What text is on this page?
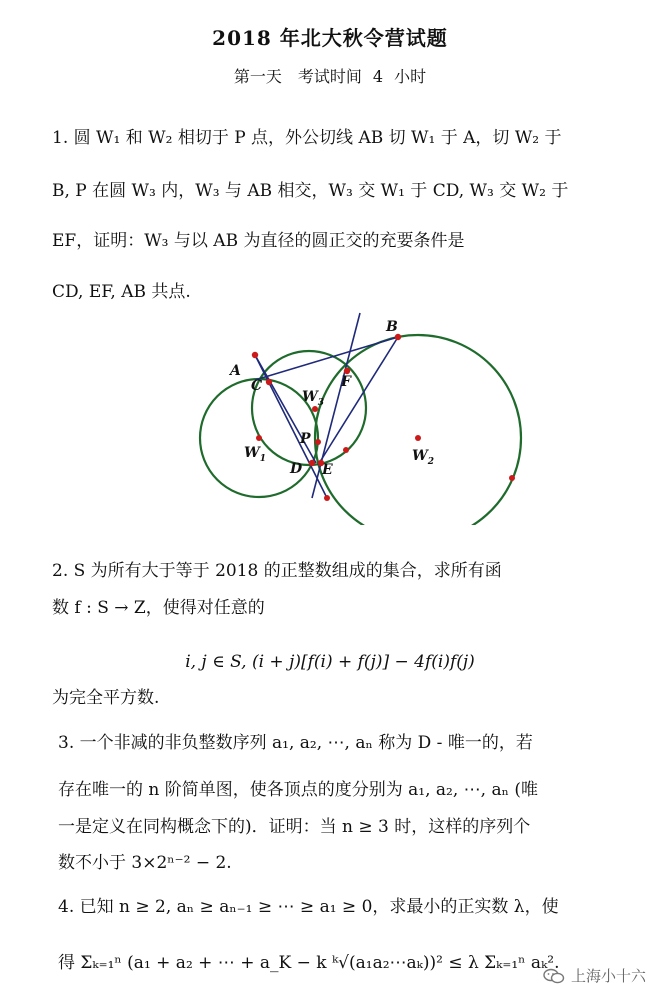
2018 年北大秋令营试题
第一天　考试时间 4 小时
1. 圆 W₁ 和 W₂ 相切于 P 点，外公切线 AB 切 W₁ 于 A，切 W₂ 于
B, P 在圆 W₃ 内，W₃ 与 AB 相交，W₃ 交 W₁ 于 CD, W₃ 交 W₂ 于
EF，证明：W₃ 与以 AB 为直径的圆正交的充要条件是
CD, EF, AB 共点.
A
B
C	F
$W_3$
P
D E
$W_1$	$W_2$
2. S 为所有大于等于 2018 的正整数组成的集合，求所有函
数 f : S → Z，使得对任意的
i, j ∈ S, (i + j)[f(i) + f(j)] − 4f(i)f(j)
为完全平方数.
3. 一个非减的非负整数序列 a₁, a₂, ⋯, aₙ 称为 D - 唯一的，若
存在唯一的 n 阶简单图，使各顶点的度分别为 a₁, a₂, ⋯, aₙ (唯
一是定义在同构概念下的)．证明：当 n ≥ 3 时，这样的序列个
数不小于 3×2ⁿ⁻² − 2.
4. 已知 n ≥ 2, aₙ ≥ aₙ₋₁ ≥ ⋯ ≥ a₁ ≥ 0，求最小的正实数 λ，使
得 Σₖ₌₁ⁿ (a₁ + a₂ + ⋯ + a_K − k ᵏ√(a₁a₂⋯aₖ))² ≤ λ Σₖ₌₁ⁿ aₖ².
上海小十六
